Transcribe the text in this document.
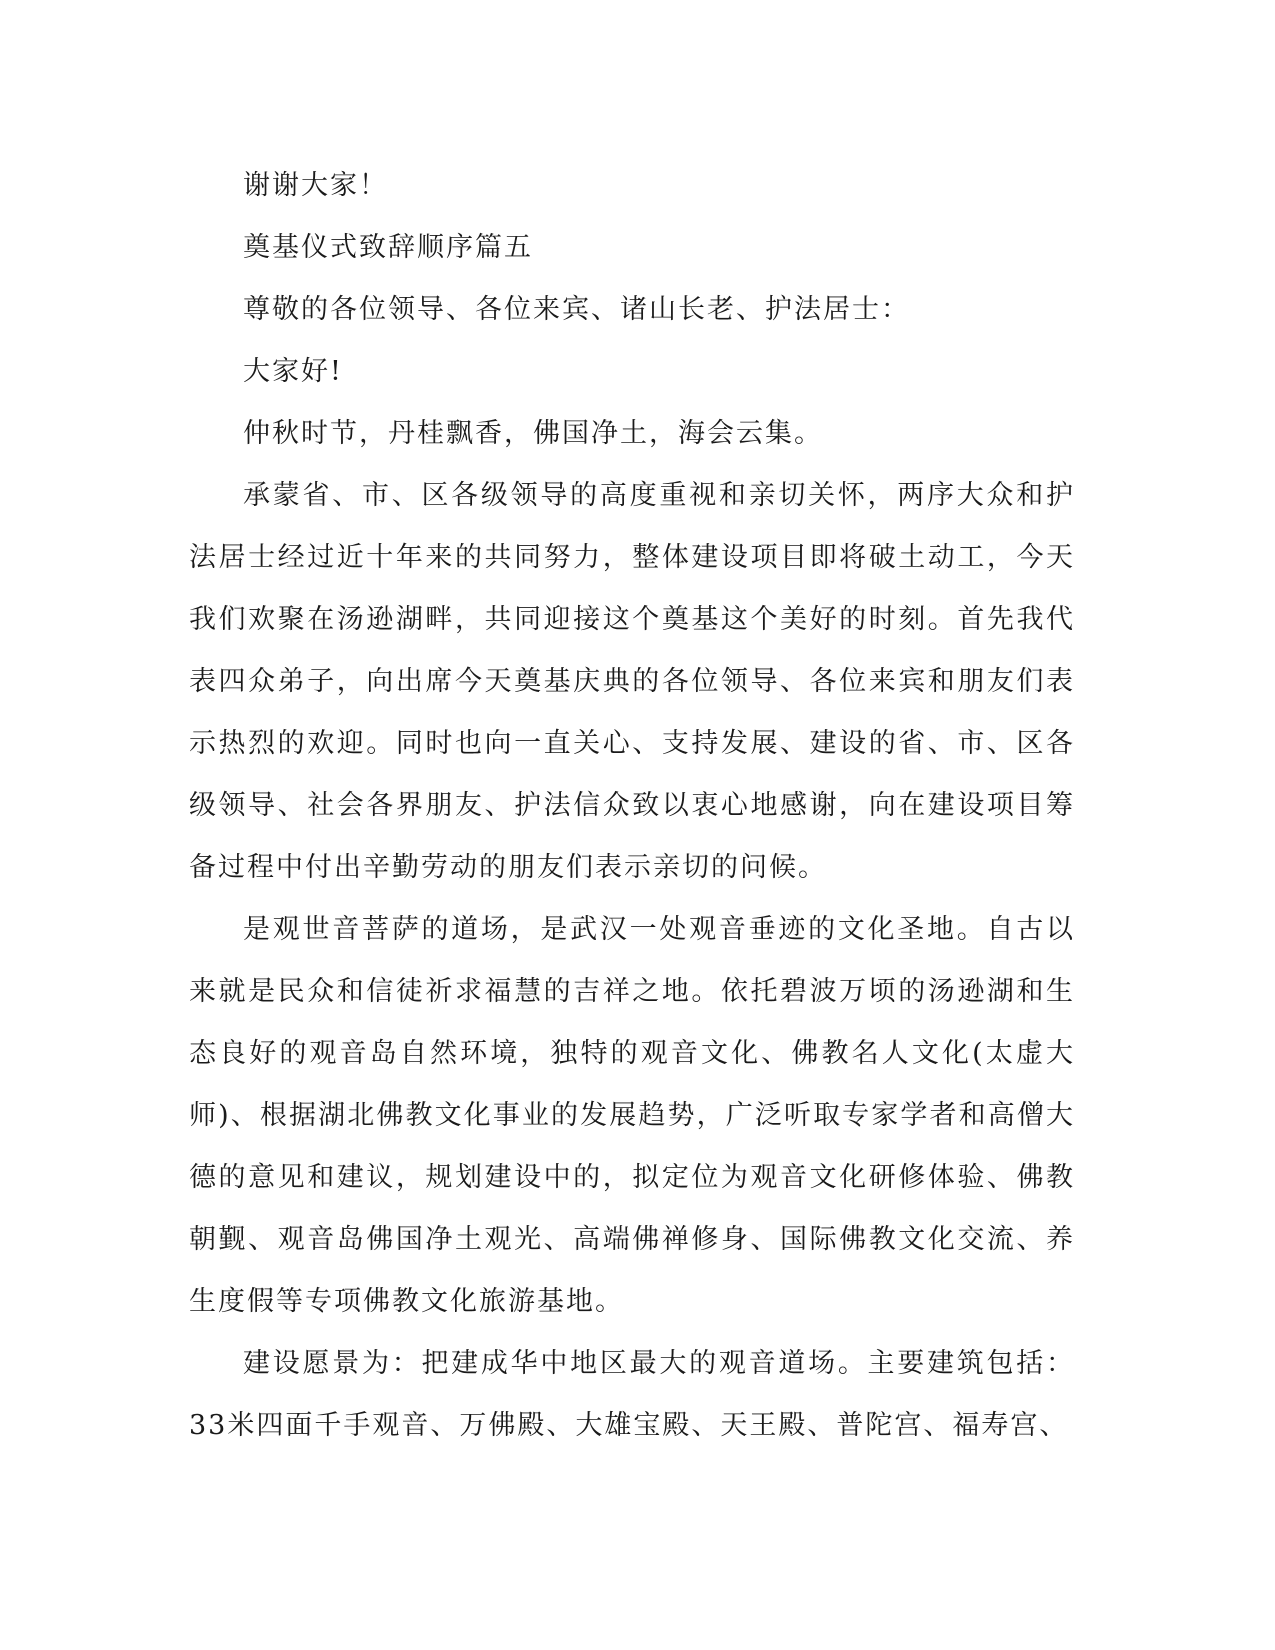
谢谢大家！

奠基仪式致辞顺序篇五

尊敬的各位领导、各位来宾、诸山长老、护法居士：

大家好!

仲秋时节，丹桂飘香，佛国净土，海会云集。

承蒙省、市、区各级领导的高度重视和亲切关怀，两序大众和护法居士经过近十年来的共同努力，整体建设项目即将破土动工，今天我们欢聚在汤逊湖畔，共同迎接这个奠基这个美好的时刻。首先我代表四众弟子，向出席今天奠基庆典的各位领导、各位来宾和朋友们表示热烈的欢迎。同时也向一直关心、支持发展、建设的省、市、区各级领导、社会各界朋友、护法信众致以衷心地感谢，向在建设项目筹备过程中付出辛勤劳动的朋友们表示亲切的问候。

是观世音菩萨的道场，是武汉一处观音垂迹的文化圣地。自古以来就是民众和信徒祈求福慧的吉祥之地。依托碧波万顷的汤逊湖和生态良好的观音岛自然环境，独特的观音文化、佛教名人文化(太虚大师)、根据湖北佛教文化事业的发展趋势，广泛听取专家学者和高僧大德的意见和建议，规划建设中的，拟定位为观音文化研修体验、佛教朝觐、观音岛佛国净土观光、高端佛禅修身、国际佛教文化交流、养生度假等专项佛教文化旅游基地。

建设愿景为：把建成华中地区最大的观音道场。主要建筑包括：33米四面千手观音、万佛殿、大雄宝殿、天王殿、普陀宫、福寿宫、
